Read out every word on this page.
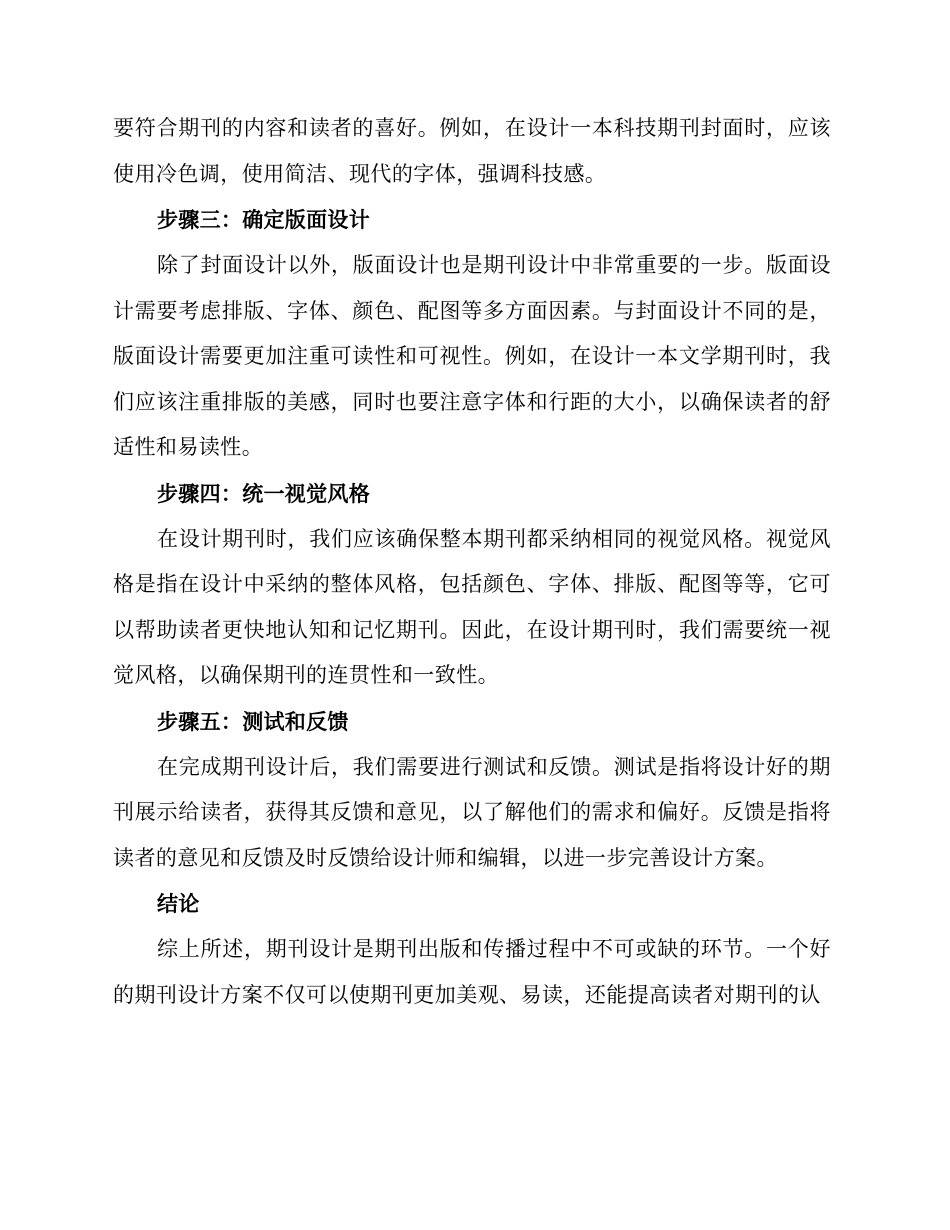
要符合期刊的内容和读者的喜好。例如，在设计一本科技期刊封面时，应该使用冷色调，使用简洁、现代的字体，强调科技感。

步骤三：确定版面设计

除了封面设计以外，版面设计也是期刊设计中非常重要的一步。版面设计需要考虑排版、字体、颜色、配图等多方面因素。与封面设计不同的是，版面设计需要更加注重可读性和可视性。例如，在设计一本文学期刊时，我们应该注重排版的美感，同时也要注意字体和行距的大小，以确保读者的舒适性和易读性。

步骤四：统一视觉风格

在设计期刊时，我们应该确保整本期刊都采纳相同的视觉风格。视觉风格是指在设计中采纳的整体风格，包括颜色、字体、排版、配图等等，它可以帮助读者更快地认知和记忆期刊。因此，在设计期刊时，我们需要统一视觉风格，以确保期刊的连贯性和一致性。

步骤五：测试和反馈

在完成期刊设计后，我们需要进行测试和反馈。测试是指将设计好的期刊展示给读者，获得其反馈和意见，以了解他们的需求和偏好。反馈是指将读者的意见和反馈及时反馈给设计师和编辑，以进一步完善设计方案。

结论

综上所述，期刊设计是期刊出版和传播过程中不可或缺的环节。一个好的期刊设计方案不仅可以使期刊更加美观、易读，还能提高读者对期刊的认
